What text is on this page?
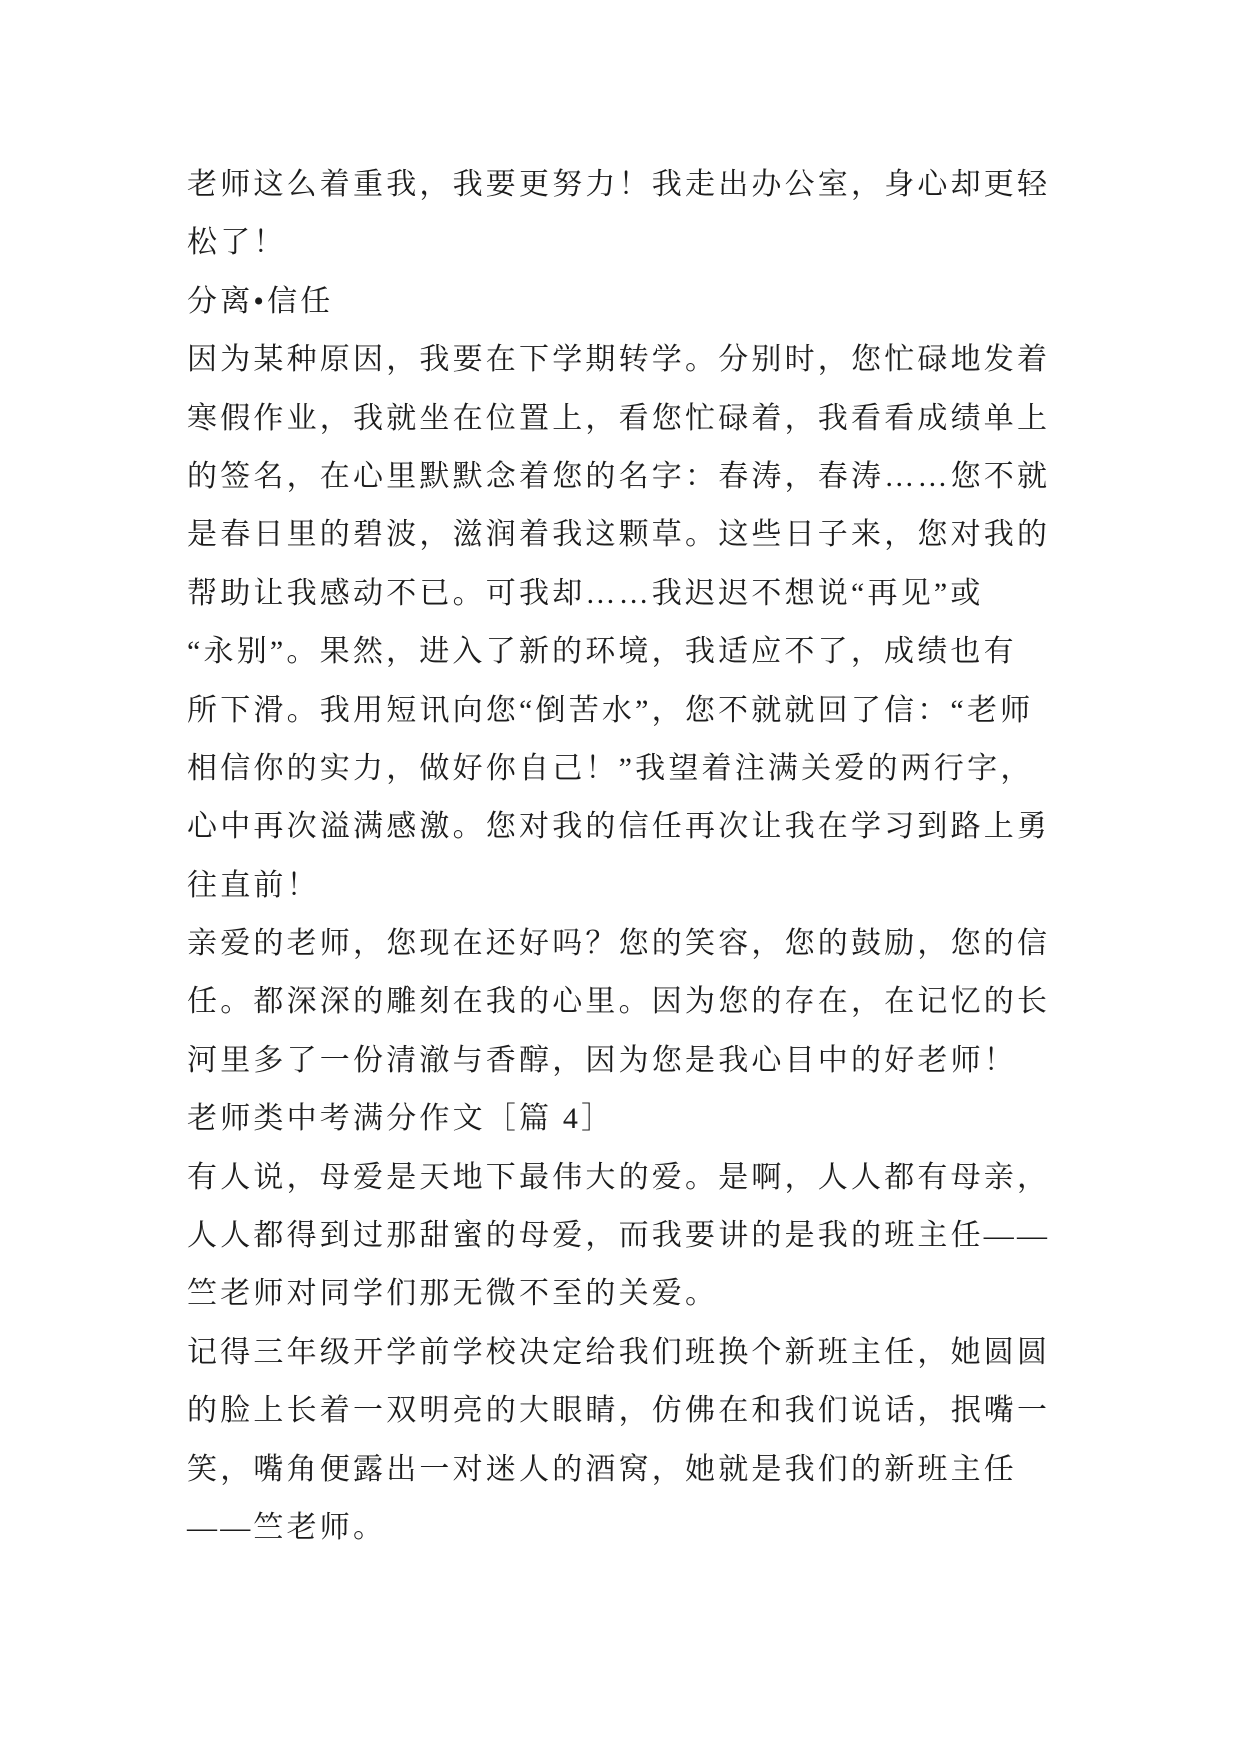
老师这么着重我，我要更努力！我走出办公室，身心却更轻
松了！
分离•信任
因为某种原因，我要在下学期转学。分别时，您忙碌地发着
寒假作业，我就坐在位置上，看您忙碌着，我看看成绩单上
的签名，在心里默默念着您的名字：春涛，春涛……您不就
是春日里的碧波，滋润着我这颗草。这些日子来，您对我的
帮助让我感动不已。可我却……我迟迟不想说“再见”或
“永别”。果然，进入了新的环境，我适应不了，成绩也有
所下滑。我用短讯向您“倒苦水”，您不就就回了信：“老师
相信你的实力，做好你自己！”我望着注满关爱的两行字，
心中再次溢满感激。您对我的信任再次让我在学习到路上勇
往直前！
亲爱的老师，您现在还好吗？您的笑容，您的鼓励，您的信
任。都深深的雕刻在我的心里。因为您的存在，在记忆的长
河里多了一份清澈与香醇，因为您是我心目中的好老师！
老师类中考满分作文［篇 4］
有人说，母爱是天地下最伟大的爱。是啊，人人都有母亲，
人人都得到过那甜蜜的母爱，而我要讲的是我的班主任——
竺老师对同学们那无微不至的关爱。
记得三年级开学前学校决定给我们班换个新班主任，她圆圆
的脸上长着一双明亮的大眼睛，仿佛在和我们说话，抿嘴一
笑，嘴角便露出一对迷人的酒窝，她就是我们的新班主任
——竺老师。
